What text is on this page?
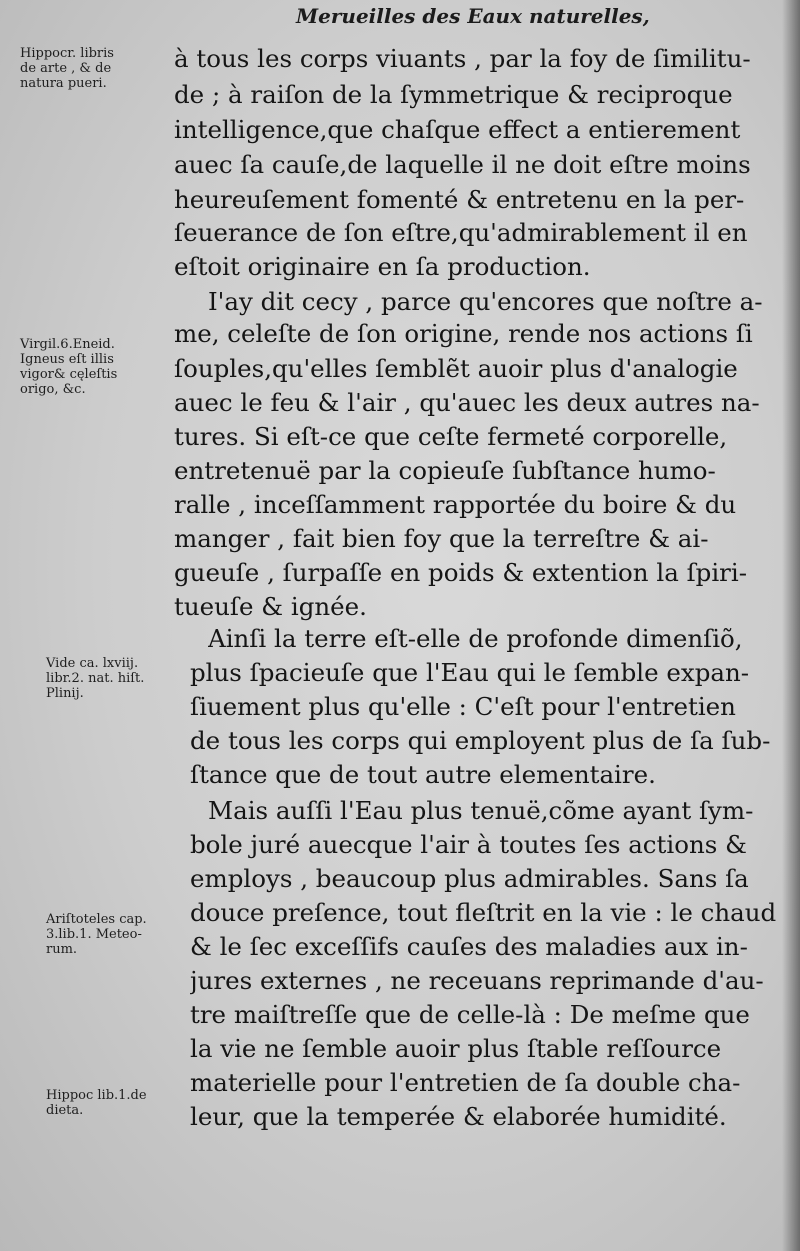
Merueilles des Eaux naturelles,

Hippocr. libris
de arte , & de
natura pueri.

Virgil.6.Eneid.
Igneus eſt illis
vigor& cęleſtis
origo, &c.

Vide ca. lxviij.
libr.2. nat. hiſt.
Plinij.

Ariſtoteles cap.
3.lib.1. Meteo-
rum.

Hippoc lib.1.de
dieta.

à tous les corps viuants , par la foy de ſimilitu-
de ; à raiſon de la ſymmetrique & reciproque
intelligence,que chaſque effect a entierement
auec ſa cauſe,de laquelle il ne doit eſtre moins
heureuſement fomenté & entretenu en la per-
ſeuerance de ſon eſtre,qu'admirablement il en
eſtoit originaire en ſa production.
I'ay dit cecy , parce qu'encores que noſtre a-
me, celeſte de ſon origine, rende nos actions ſi
ſouples,qu'elles ſemblẽt auoir plus d'analogie
auec le feu & l'air , qu'auec les deux autres na-
tures. Si eſt-ce que ceſte fermeté corporelle,
entretenuë par la copieuſe ſubſtance humo-
ralle , inceſſamment rapportée du boire & du
manger , fait bien foy que la terreſtre & ai-
gueuſe , ſurpaſſe en poids & extention la ſpiri-
tueuſe & ignée.
Ainſi la terre eſt-elle de profonde dimenſiõ,
plus ſpacieuſe que l'Eau qui le ſemble expan-
ſiuement plus qu'elle : C'eſt pour l'entretien
de tous les corps qui employent plus de ſa ſub-
ſtance que de tout autre elementaire.
Mais auſſi l'Eau plus tenuë,cõme ayant ſym-
bole juré auecque l'air à toutes ſes actions &
employs , beaucoup plus admirables. Sans ſa
douce preſence, tout fleſtrit en la vie : le chaud
& le ſec exceſſifs cauſes des maladies aux in-
jures externes , ne receuans reprimande d'au-
tre maiſtreſſe que de celle-là : De meſme que
la vie ne ſemble auoir plus ſtable reſſource
materielle pour l'entretien de ſa double cha-
leur, que la temperée & elaborée humidité.
